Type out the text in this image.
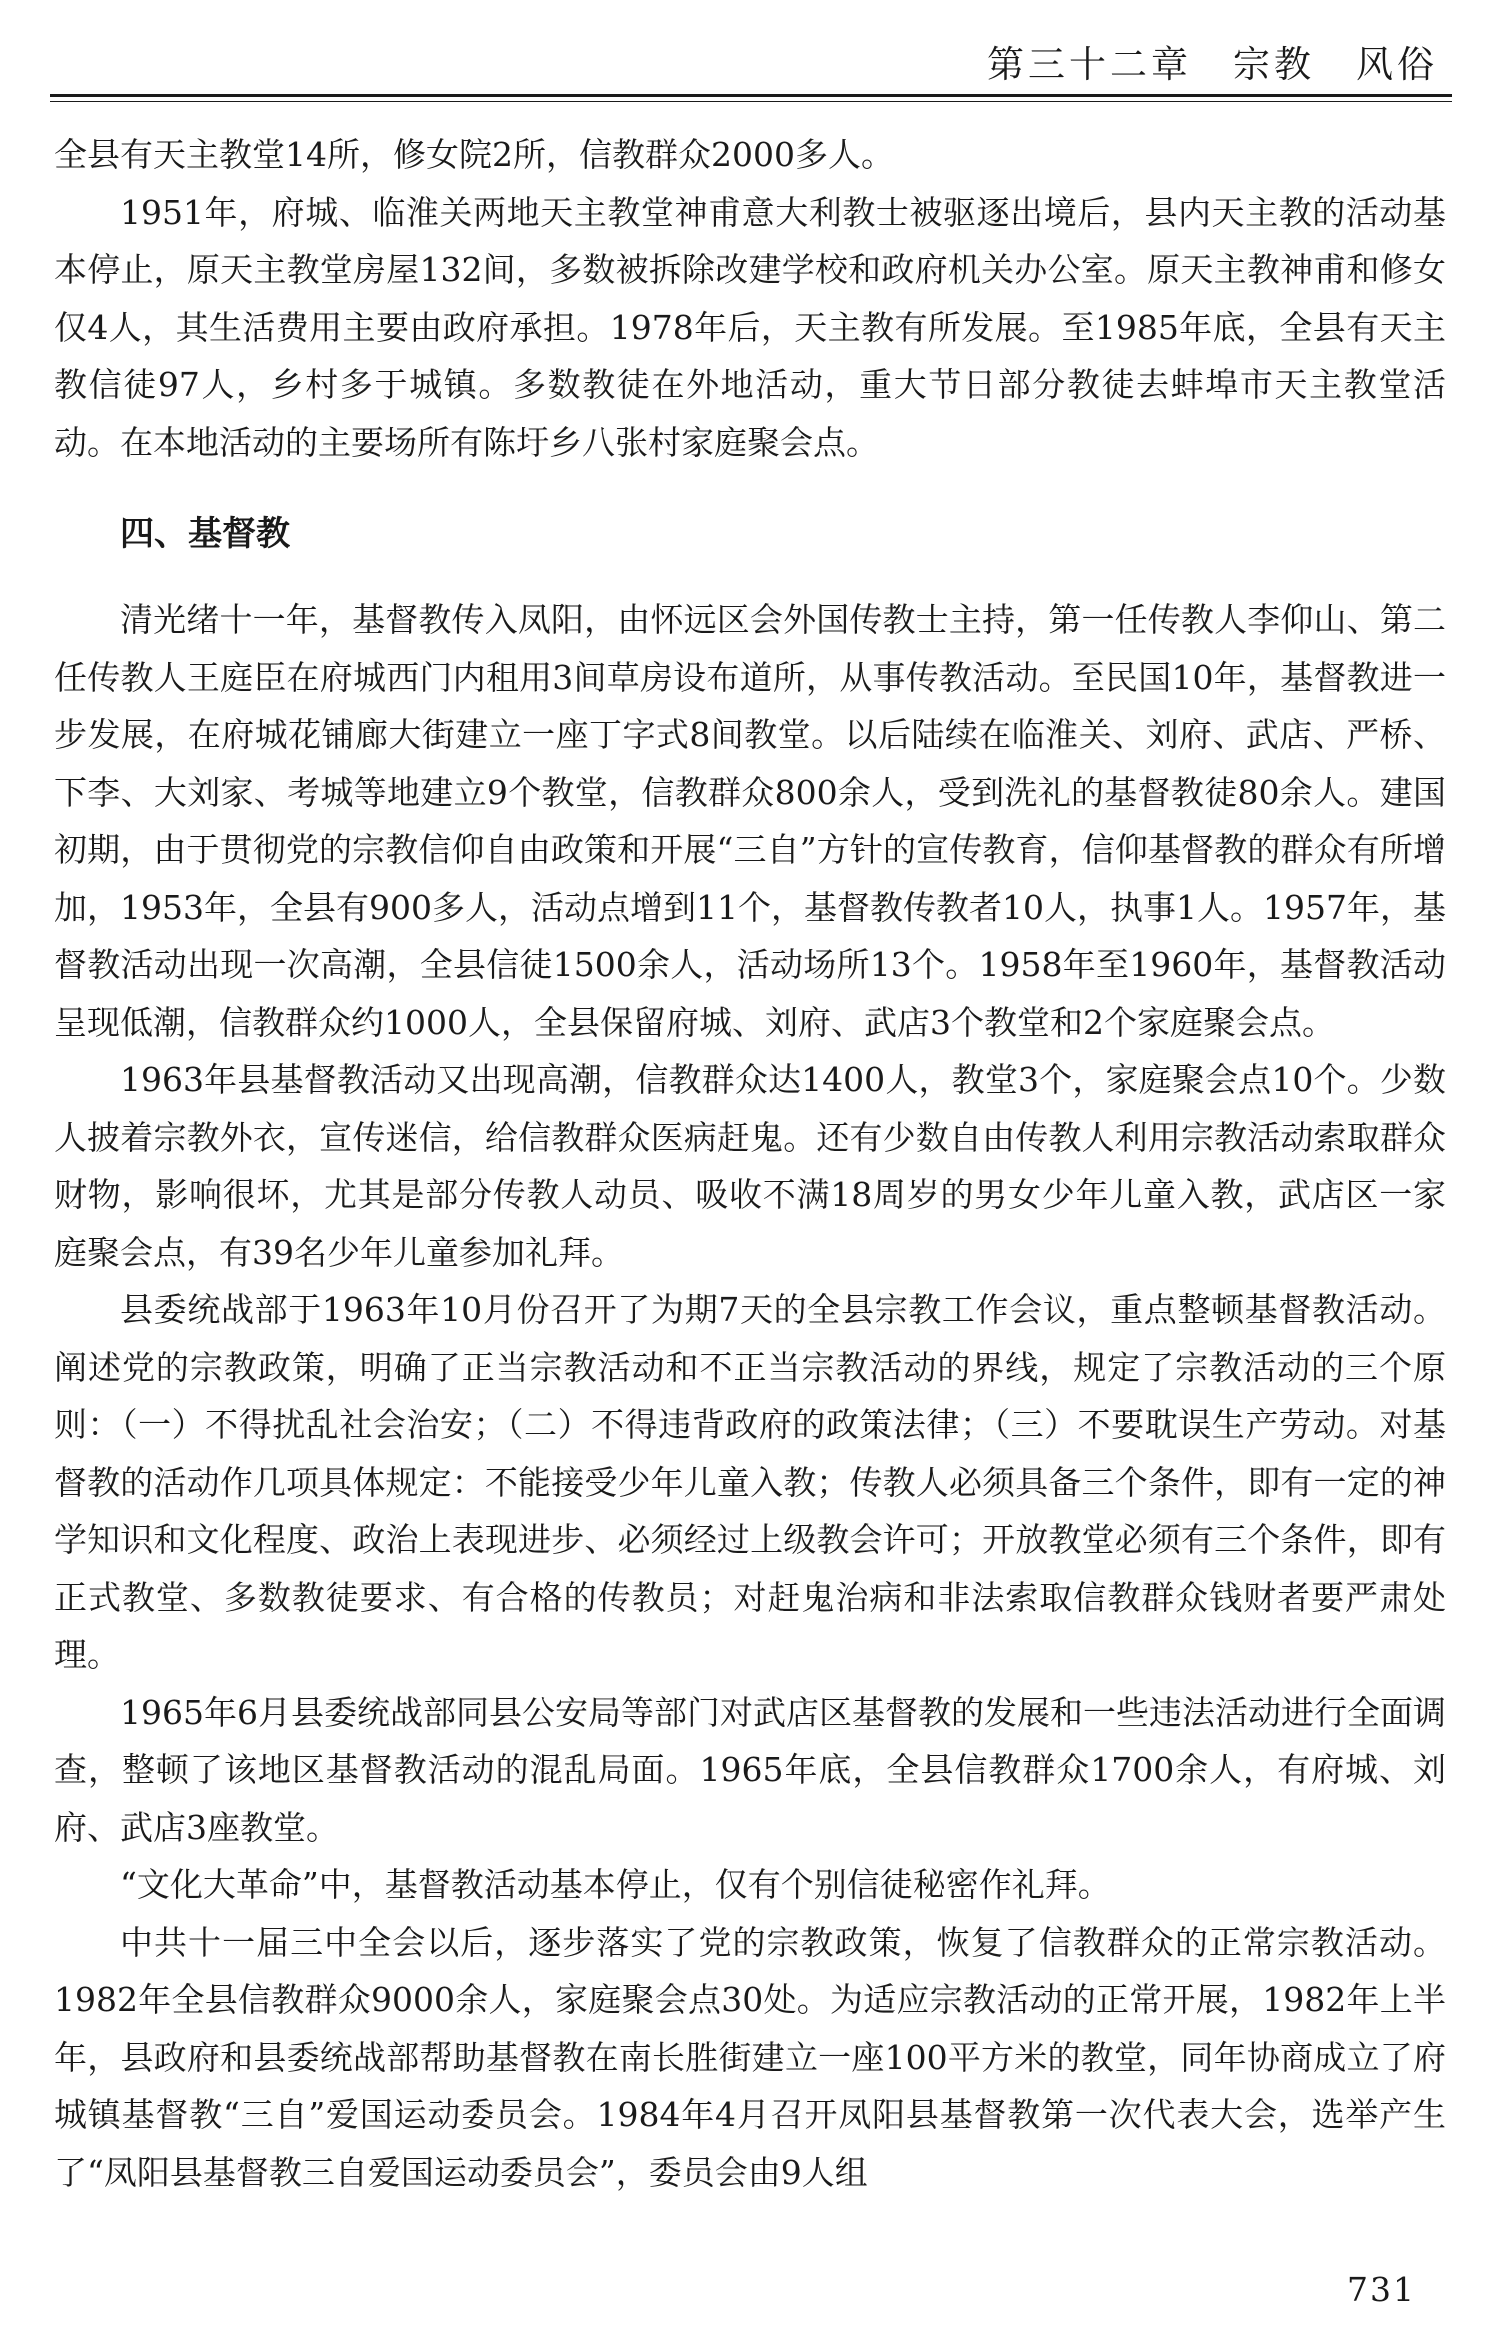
第三十二章　宗教　风俗

全县有天主教堂14所，修女院2所，信教群众2000多人。

1951年，府城、临淮关两地天主教堂神甫意大利教士被驱逐出境后，县内天主教的活动基本停止，原天主教堂房屋132间，多数被拆除改建学校和政府机关办公室。原天主教神甫和修女仅4人，其生活费用主要由政府承担。1978年后，天主教有所发展。至1985年底，全县有天主教信徒97人，乡村多于城镇。多数教徒在外地活动，重大节日部分教徒去蚌埠市天主教堂活动。在本地活动的主要场所有陈圩乡八张村家庭聚会点。

四、基督教

清光绪十一年，基督教传入凤阳，由怀远区会外国传教士主持，第一任传教人李仰山、第二任传教人王庭臣在府城西门内租用3间草房设布道所，从事传教活动。至民国10年，基督教进一步发展，在府城花铺廊大街建立一座丁字式8间教堂。以后陆续在临淮关、刘府、武店、严桥、下李、大刘家、考城等地建立9个教堂，信教群众800余人，受到洗礼的基督教徒80余人。建国初期，由于贯彻党的宗教信仰自由政策和开展“三自”方针的宣传教育，信仰基督教的群众有所增加，1953年，全县有900多人，活动点增到11个，基督教传教者10人，执事1人。1957年，基督教活动出现一次高潮，全县信徒1500余人，活动场所13个。1958年至1960年，基督教活动呈现低潮，信教群众约1000人，全县保留府城、刘府、武店3个教堂和2个家庭聚会点。

1963年县基督教活动又出现高潮，信教群众达1400人，教堂3个，家庭聚会点10个。少数人披着宗教外衣，宣传迷信，给信教群众医病赶鬼。还有少数自由传教人利用宗教活动索取群众财物，影响很坏，尤其是部分传教人动员、吸收不满18周岁的男女少年儿童入教，武店区一家庭聚会点，有39名少年儿童参加礼拜。

县委统战部于1963年10月份召开了为期7天的全县宗教工作会议，重点整顿基督教活动。阐述党的宗教政策，明确了正当宗教活动和不正当宗教活动的界线，规定了宗教活动的三个原则：（一）不得扰乱社会治安；（二）不得违背政府的政策法律；（三）不要耽误生产劳动。对基督教的活动作几项具体规定：不能接受少年儿童入教；传教人必须具备三个条件，即有一定的神学知识和文化程度、政治上表现进步、必须经过上级教会许可；开放教堂必须有三个条件，即有正式教堂、多数教徒要求、有合格的传教员；对赶鬼治病和非法索取信教群众钱财者要严肃处理。

1965年6月县委统战部同县公安局等部门对武店区基督教的发展和一些违法活动进行全面调查，整顿了该地区基督教活动的混乱局面。1965年底，全县信教群众1700余人，有府城、刘府、武店3座教堂。

“文化大革命”中，基督教活动基本停止，仅有个别信徒秘密作礼拜。

中共十一届三中全会以后，逐步落实了党的宗教政策，恢复了信教群众的正常宗教活动。1982年全县信教群众9000余人，家庭聚会点30处。为适应宗教活动的正常开展，1982年上半年，县政府和县委统战部帮助基督教在南长胜街建立一座100平方米的教堂，同年协商成立了府城镇基督教“三自”爱国运动委员会。1984年4月召开凤阳县基督教第一次代表大会，选举产生了“凤阳县基督教三自爱国运动委员会”，委员会由9人组

731
